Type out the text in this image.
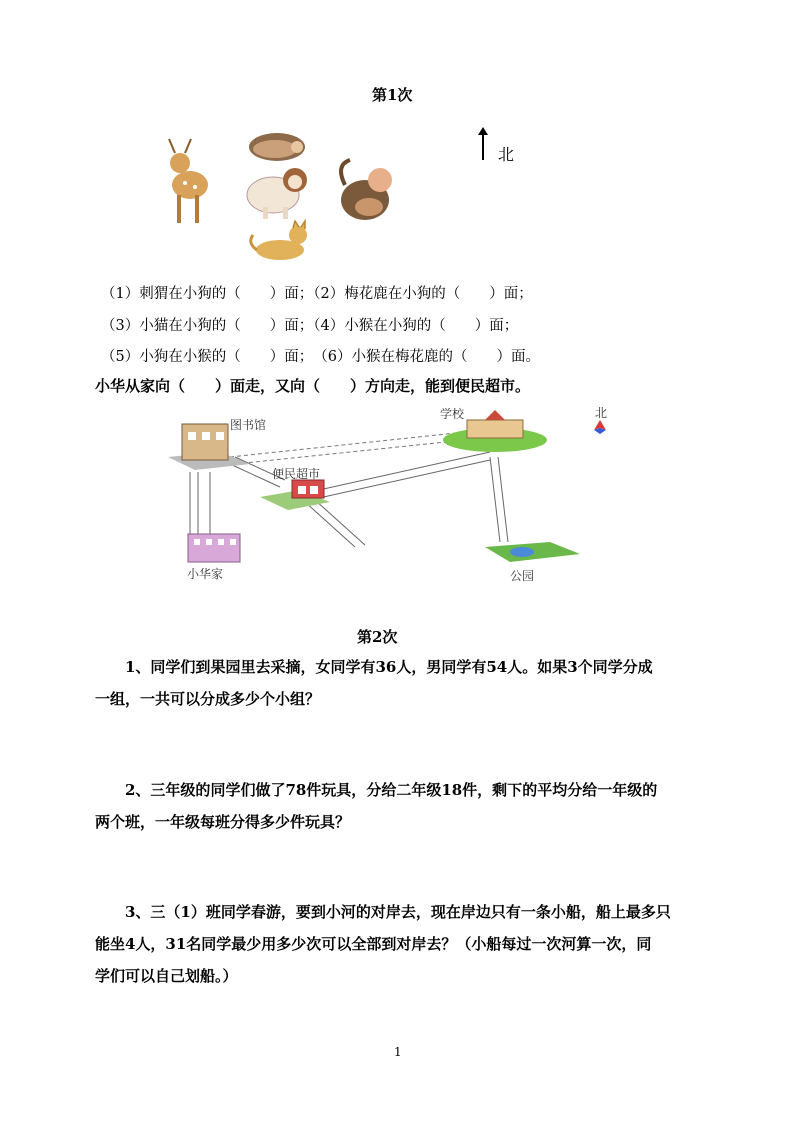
第1次
北
（1）刺猬在小狗的（　　）面；（2）梅花鹿在小狗的（　　）面；
（3）小猫在小狗的（　　）面；（4）小猴在小狗的（　　）面；
（5）小狗在小猴的（　　）面；　（6）小猴在梅花鹿的（　　）面。
小华从家向（　　）面走，又向（　　）方向走，能到便民超市。
图书馆
学校
便民超市
小华家	公园
北
第2次
1、同学们到果园里去采摘，女同学有36人，男同学有54人。如果3个同学分成
一组，一共可以分成多少个小组？
2、三年级的同学们做了78件玩具，分给二年级18件，剩下的平均分给一年级的
两个班，一年级每班分得多少件玩具？
3、三（1）班同学春游，要到小河的对岸去，现在岸边只有一条小船，船上最多只
能坐4人，31名同学最少用多少次可以全部到对岸去？（小船每过一次河算一次，同
学们可以自己划船。）
1
